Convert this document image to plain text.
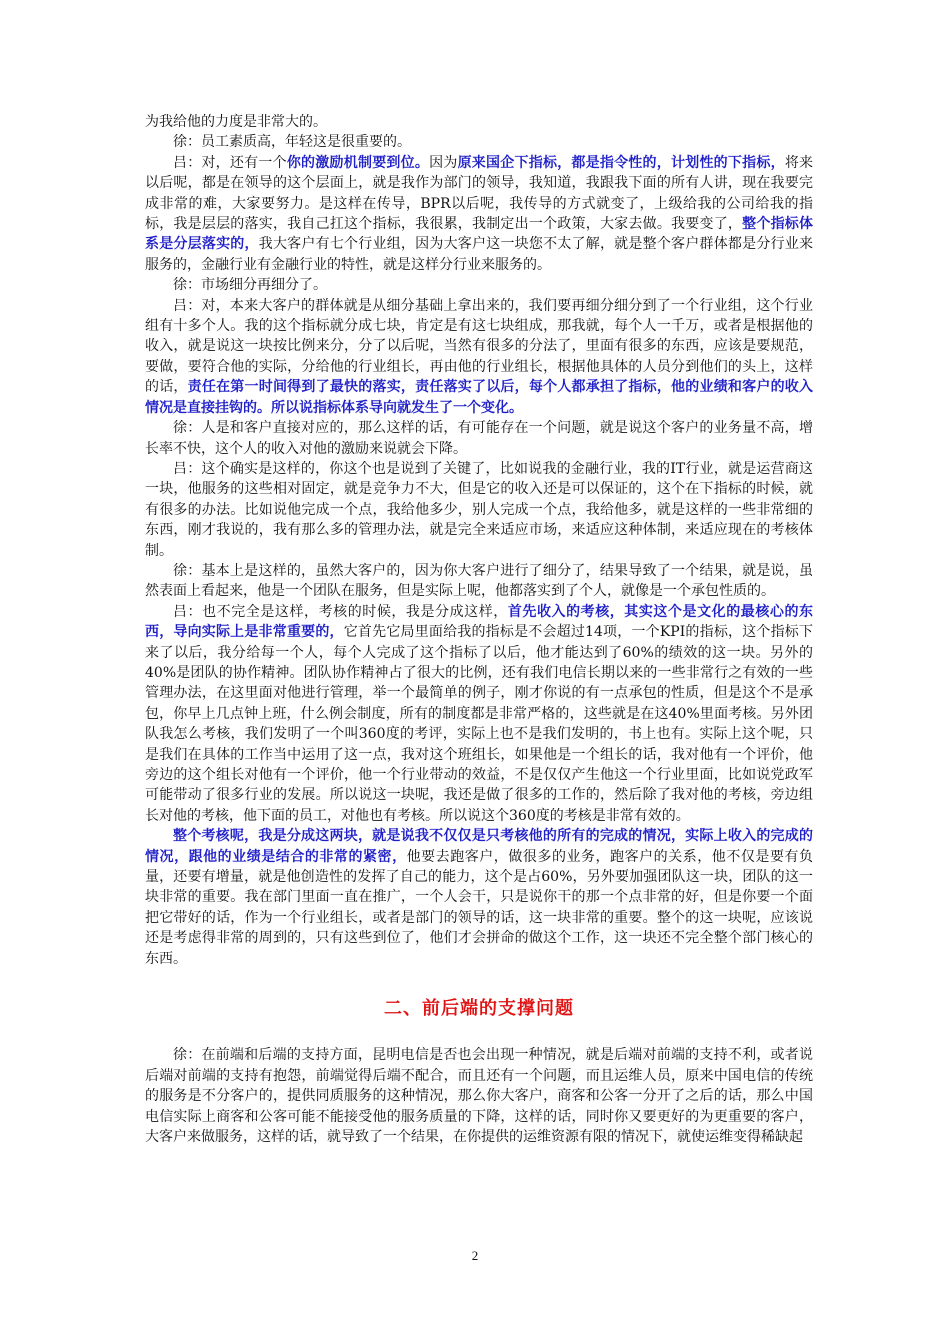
为我给他的力度是非常大的。

徐：员工素质高，年轻这是很重要的。

吕：对，还有一个你的激励机制要到位。因为原来国企下指标，都是指令性的，计划性的下指标，将来以后呢，都是在领导的这个层面上，就是我作为部门的领导，我知道，我跟我下面的所有人讲，现在我要完成非常的难，大家要努力。是这样在传导，BPR以后呢，我传导的方式就变了，上级给我的公司给我的指标，我是层层的落实，我自己扛这个指标，我很累，我制定出一个政策，大家去做。我要变了，整个指标体系是分层落实的，我大客户有七个行业组，因为大客户这一块您不太了解，就是整个客户群体都是分行业来服务的，金融行业有金融行业的特性，就是这样分行业来服务的。

徐：市场细分再细分了。

吕：对，本来大客户的群体就是从细分基础上拿出来的，我们要再细分细分到了一个行业组，这个行业组有十多个人。我的这个指标就分成七块，肯定是有这七块组成，那我就，每个人一千万，或者是根据他的收入，就是说这一块按比例来分，分了以后呢，当然有很多的分法了，里面有很多的东西，应该是要规范，要做，要符合他的实际，分给他的行业组长，再由他的行业组长，根据他具体的人员分到他们的头上，这样的话，责任在第一时间得到了最快的落实，责任落实了以后，每个人都承担了指标，他的业绩和客户的收入情况是直接挂钩的。所以说指标体系导向就发生了一个变化。

徐：人是和客户直接对应的，那么这样的话，有可能存在一个问题，就是说这个客户的业务量不高，增长率不快，这个人的收入对他的激励来说就会下降。

吕：这个确实是这样的，你这个也是说到了关键了，比如说我的金融行业，我的IT行业，就是运营商这一块，他服务的这些相对固定，就是竞争力不大，但是它的收入还是可以保证的，这个在下指标的时候，就有很多的办法。比如说他完成一个点，我给他多少，别人完成一个点，我给他多，就是这样的一些非常细的东西，刚才我说的，我有那么多的管理办法，就是完全来适应市场，来适应这种体制，来适应现在的考核体制。

徐：基本上是这样的，虽然大客户的，因为你大客户进行了细分了，结果导致了一个结果，就是说，虽然表面上看起来，他是一个团队在服务，但是实际上呢，他都落实到了个人，就像是一个承包性质的。

吕：也不完全是这样，考核的时候，我是分成这样，首先收入的考核，其实这个是文化的最核心的东西，导向实际上是非常重要的，它首先它局里面给我的指标是不会超过14项，一个KPI的指标，这个指标下来了以后，我分给每一个人，每个人完成了这个指标了以后，他才能达到了60%的绩效的这一块。另外的40%是团队的协作精神。团队协作精神占了很大的比例，还有我们电信长期以来的一些非常行之有效的一些管理办法，在这里面对他进行管理，举一个最简单的例子，刚才你说的有一点承包的性质，但是这个不是承包，你早上几点钟上班，什么例会制度，所有的制度都是非常严格的，这些就是在这40%里面考核。另外团队我怎么考核，我们发明了一个叫360度的考评，实际上也不是我们发明的，书上也有。实际上这个呢，只是我们在具体的工作当中运用了这一点，我对这个班组长，如果他是一个组长的话，我对他有一个评价，他旁边的这个组长对他有一个评价，他一个行业带动的效益，不是仅仅产生他这一个行业里面，比如说党政军可能带动了很多行业的发展。所以说这一块呢，我还是做了很多的工作的，然后除了我对他的考核，旁边组长对他的考核，他下面的员工，对他也有考核。所以说这个360度的考核是非常有效的。

整个考核呢，我是分成这两块，就是说我不仅仅是只考核他的所有的完成的情况，实际上收入的完成的情况，跟他的业绩是结合的非常的紧密，他要去跑客户，做很多的业务，跑客户的关系，他不仅是要有负量，还要有增量，就是他创造性的发挥了自己的能力，这个是占60%，另外要加强团队这一块，团队的这一块非常的重要。我在部门里面一直在推广，一个人会干，只是说你干的那一个点非常的好，但是你要一个面把它带好的话，作为一个行业组长，或者是部门的领导的话，这一块非常的重要。整个的这一块呢，应该说还是考虑得非常的周到的，只有这些到位了，他们才会拼命的做这个工作，这一块还不完全整个部门核心的东西。

二、前后端的支撑问题

徐：在前端和后端的支持方面，昆明电信是否也会出现一种情况，就是后端对前端的支持不利，或者说后端对前端的支持有抱怨，前端觉得后端不配合，而且还有一个问题，而且运维人员，原来中国电信的传统的服务是不分客户的，提供同质服务的这种情况，那么你大客户，商客和公客一分开了之后的话，那么中国电信实际上商客和公客可能不能接受他的服务质量的下降，这样的话，同时你又要更好的为更重要的客户，大客户来做服务，这样的话，就导致了一个结果，在你提供的运维资源有限的情况下，就使运维变得稀缺起

2
